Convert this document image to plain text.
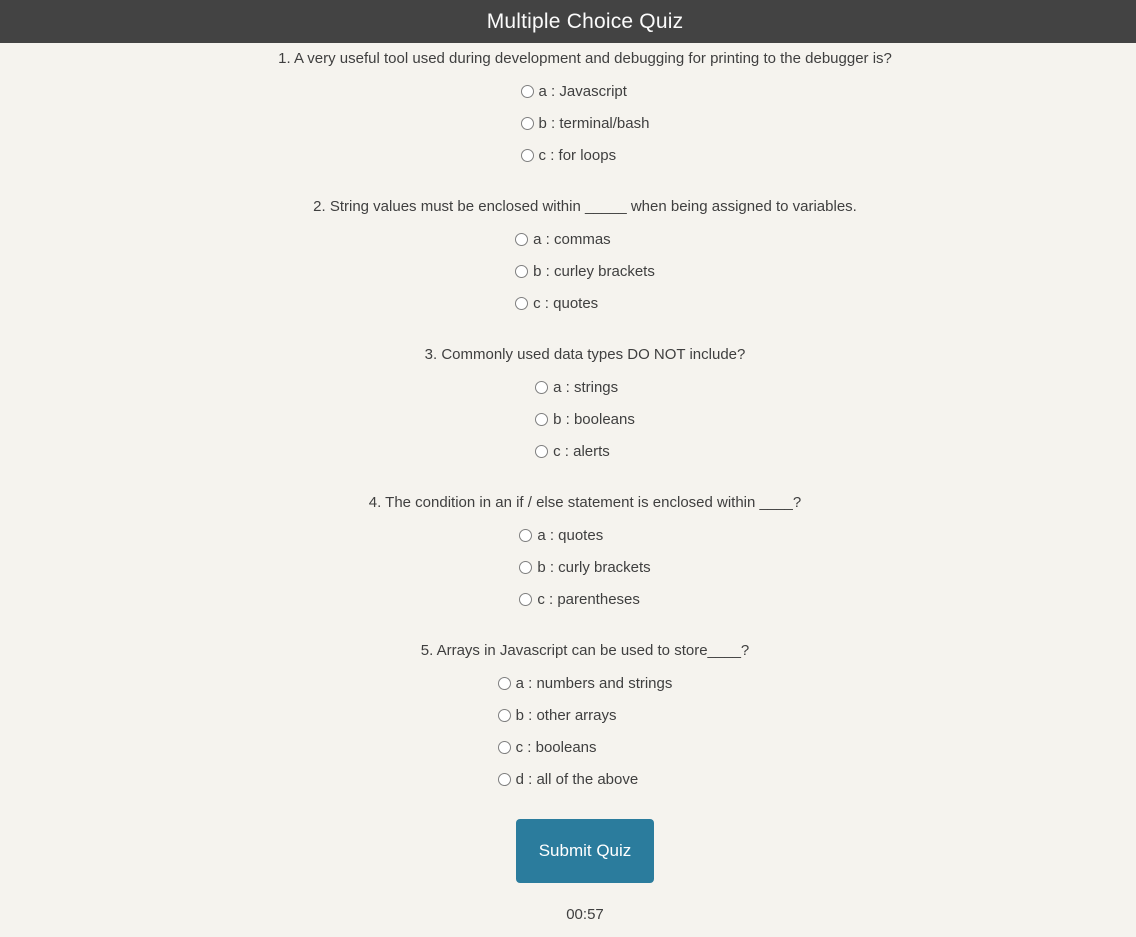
Multiple Choice Quiz

1. A very useful tool used during development and debugging for printing to the debugger is?

a : Javascript
b : terminal/bash
c : for loops

2. String values must be enclosed within _____ when being assigned to variables.

a : commas
b : curley brackets
c : quotes

3. Commonly used data types DO NOT include?

a : strings
b : booleans
c : alerts

4. The condition in an if / else statement is enclosed within ____?

a : quotes
b : curly brackets
c : parentheses

5. Arrays in Javascript can be used to store____?

a : numbers and strings
b : other arrays
c : booleans
d : all of the above
Submit Quiz
00:57
